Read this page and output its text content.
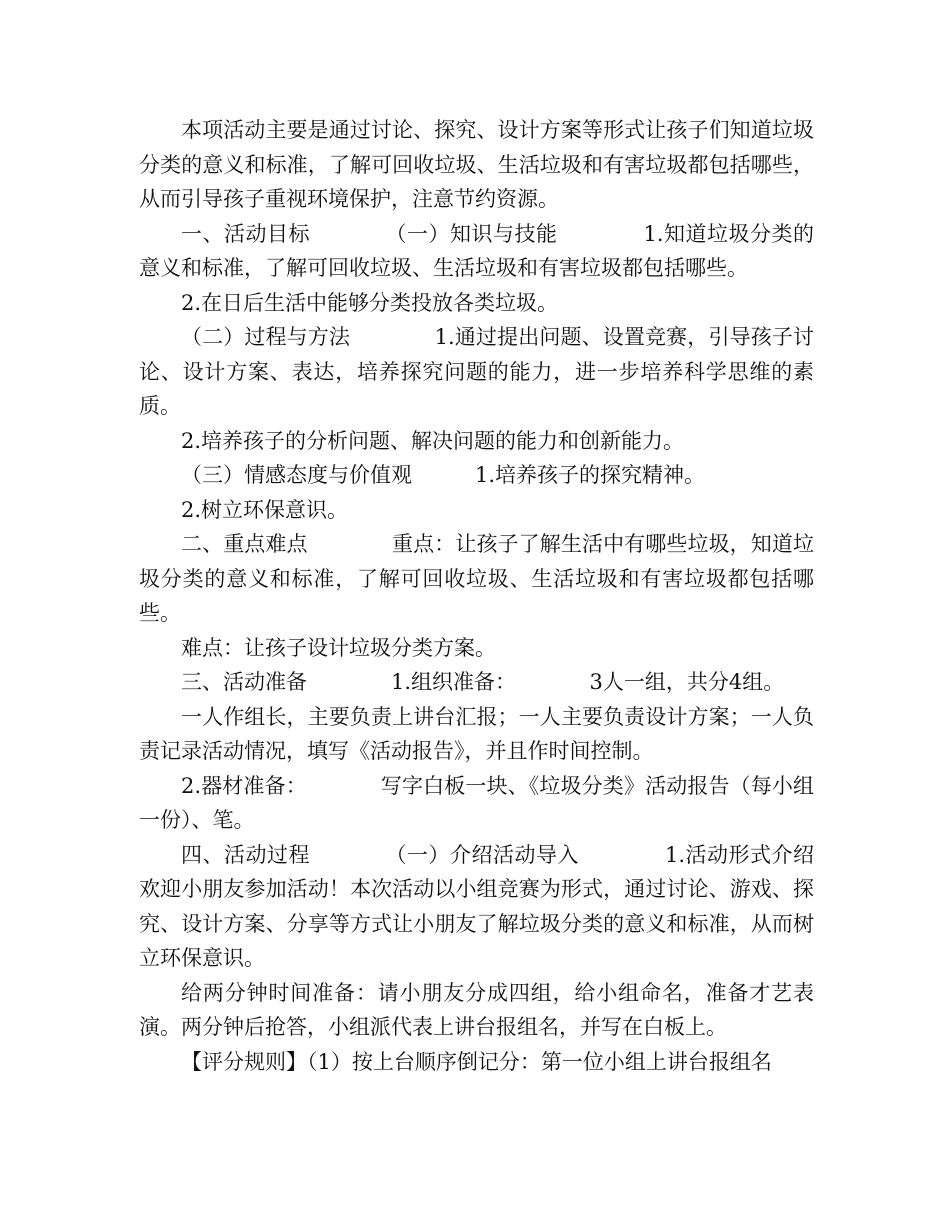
本项活动主要是通过讨论、探究、设计方案等形式让孩子们知道垃圾分类的意义和标准，了解可回收垃圾、生活垃圾和有害垃圾都包括哪些，从而引导孩子重视环境保护，注意节约资源。

一、活动目标　　　　（一）知识与技能　　　　1.知道垃圾分类的意义和标准，了解可回收垃圾、生活垃圾和有害垃圾都包括哪些。

2.在日后生活中能够分类投放各类垃圾。

（二）过程与方法　　　　1.通过提出问题、设置竞赛，引导孩子讨论、设计方案、表达，培养探究问题的能力，进一步培养科学思维的素质。

2.培养孩子的分析问题、解决问题的能力和创新能力。

（三）情感态度与价值观　　　1.培养孩子的探究精神。

2.树立环保意识。

二、重点难点　　　　重点：让孩子了解生活中有哪些垃圾，知道垃圾分类的意义和标准，了解可回收垃圾、生活垃圾和有害垃圾都包括哪些。

难点：让孩子设计垃圾分类方案。

三、活动准备　　　　1.组织准备：　　　　3人一组，共分4组。

一人作组长，主要负责上讲台汇报；一人主要负责设计方案；一人负责记录活动情况，填写《活动报告》，并且作时间控制。

2.器材准备：　　　　写字白板一块、《垃圾分类》活动报告（每小组一份）、笔。

四、活动过程　　　　（一）介绍活动导入　　　　1.活动形式介绍欢迎小朋友参加活动！本次活动以小组竞赛为形式，通过讨论、游戏、探究、设计方案、分享等方式让小朋友了解垃圾分类的意义和标准，从而树立环保意识。

给两分钟时间准备：请小朋友分成四组，给小组命名，准备才艺表演。两分钟后抢答，小组派代表上讲台报组名，并写在白板上。

【评分规则】（1）按上台顺序倒记分：第一位小组上讲台报组名
